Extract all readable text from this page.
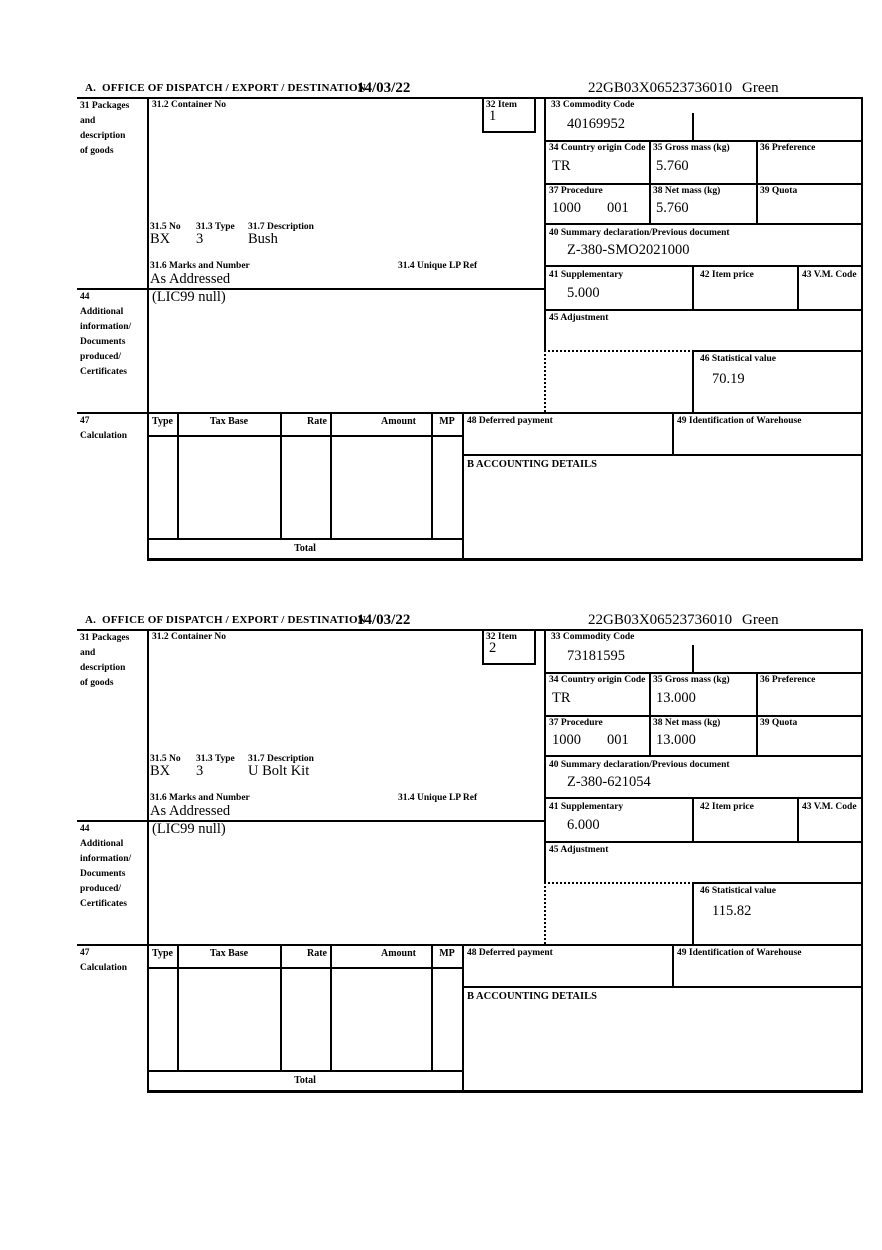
A.  OFFICE OF DISPATCH / EXPORT / DESTINATION
14/03/22	22GB03X06523736010 Green
31 Packages
and
description
of goods
31.2 Container No	32 Item
1
33 Commodity Code
40169952
34 Country origin Code
TR
35 Gross mass (kg)
5.760
36 Preference
37 Procedure
1000 001
38 Net mass (kg)
5.760
39 Quota
40 Summary declaration/Previous document
Z-380-SMO2021000
41 Supplementary
5.000
42 Item price	43 V.M. Code
45 Adjustment
46 Statistical value
70.19
31.5 No 31.3 Type 31.7 Description
BX 3	Bush
31.6 Marks and Number	31.4 Unique LP Ref
As Addressed
44
Additional
information/
Documents
produced/
Certificates
(LIC99 null)
47
Calculation
Type	Tax Base	Rate	Amount	MP	48 Deferred payment	49 Identification of Warehouse
B ACCOUNTING DETAILS
Total
A.  OFFICE OF DISPATCH / EXPORT / DESTINATION
14/03/22	22GB03X06523736010 Green
31 Packages
and
description
of goods
31.2 Container No	32 Item
2
33 Commodity Code
73181595
34 Country origin Code
TR
35 Gross mass (kg)
13.000
36 Preference
37 Procedure
1000 001
38 Net mass (kg)
13.000
39 Quota
40 Summary declaration/Previous document
Z-380-621054
41 Supplementary
6.000
42 Item price	43 V.M. Code
45 Adjustment
46 Statistical value
115.82
31.5 No 31.3 Type 31.7 Description
BX 3	U Bolt Kit
31.6 Marks and Number	31.4 Unique LP Ref
As Addressed
44
Additional
information/
Documents
produced/
Certificates
(LIC99 null)
47
Calculation
Type	Tax Base	Rate	Amount	MP	48 Deferred payment	49 Identification of Warehouse
B ACCOUNTING DETAILS
Total
